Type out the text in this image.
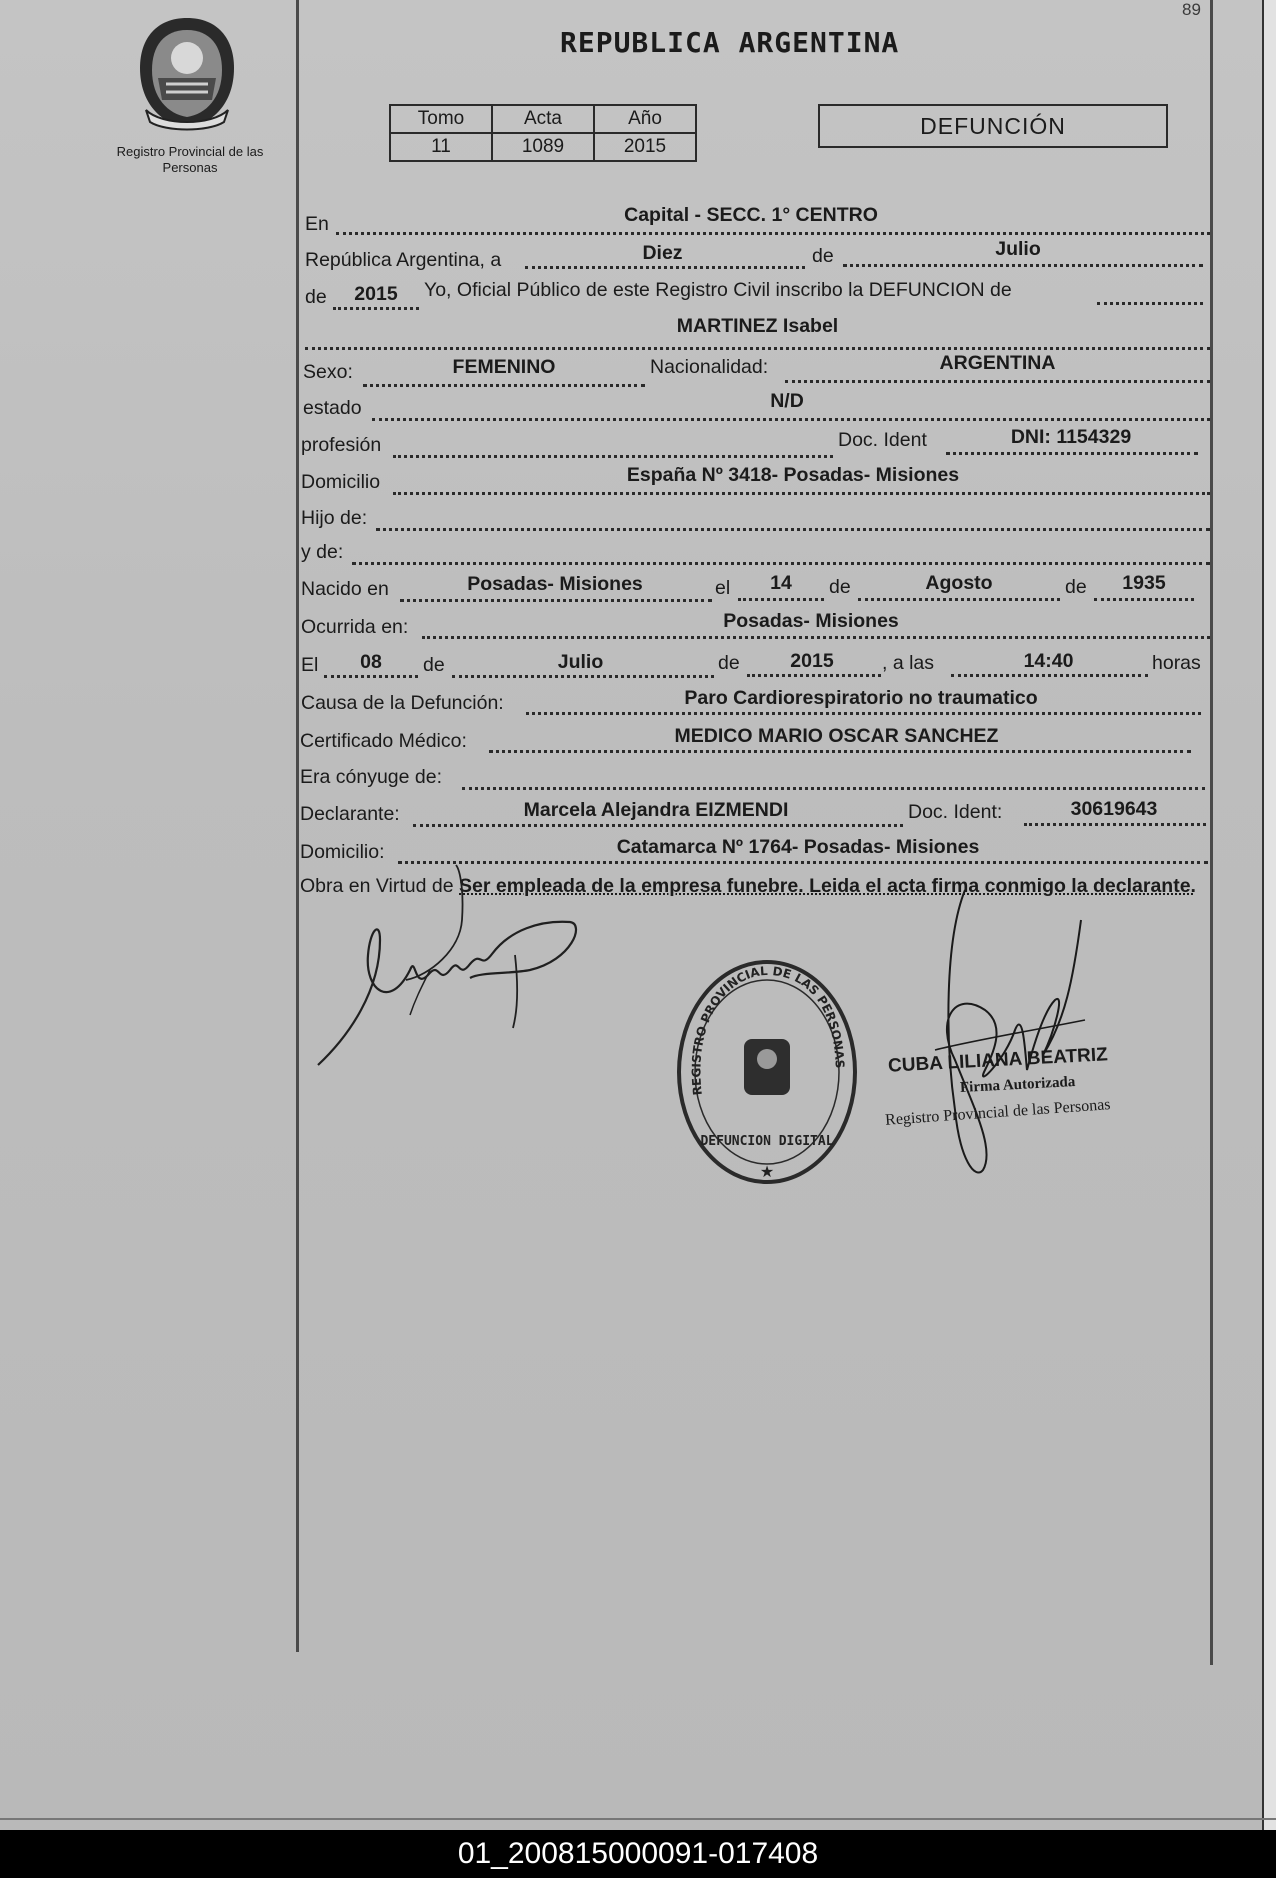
89
Registro Provincial de las Personas
REPUBLICA ARGENTINA
Tomo	Acta	Año
11	1089	2015
DEFUNCIÓN
En	Capital - SECC. 1° CENTRO
República Argentina, a	Diez	de	Julio
de	2015	Yo, Oficial Público de este Registro Civil inscribo la DEFUNCION de
MARTINEZ Isabel
Sexo:	FEMENINO	Nacionalidad:	ARGENTINA
estado	N/D
profesión	Doc. Ident	DNI: 1154329
Domicilio	España Nº 3418- Posadas- Misiones
Hijo de:
y de:
Nacido en	Posadas- Misiones	el	14	de	Agosto	de	1935
Ocurrida en:	Posadas- Misiones
El	08	de	Julio	de	2015	, a las	14:40	horas
Causa de la Defunción:	Paro Cardiorespiratorio no traumatico
Certificado Médico:	MEDICO MARIO OSCAR SANCHEZ
Era cónyuge de:
Declarante:	Marcela Alejandra EIZMENDI	Doc. Ident:	30619643
Domicilio:	Catamarca Nº 1764- Posadas- Misiones
Obra en Virtud de Ser empleada de la empresa funebre. Leida el acta firma conmigo la declarante.
REGISTRO PROVINCIAL DE LAS PERSONAS
DEFUNCION DIGITAL
★
CUBA LILIANA BEATRIZ
Firma Autorizada
Registro Provincial de las Personas
01_200815000091-017408
